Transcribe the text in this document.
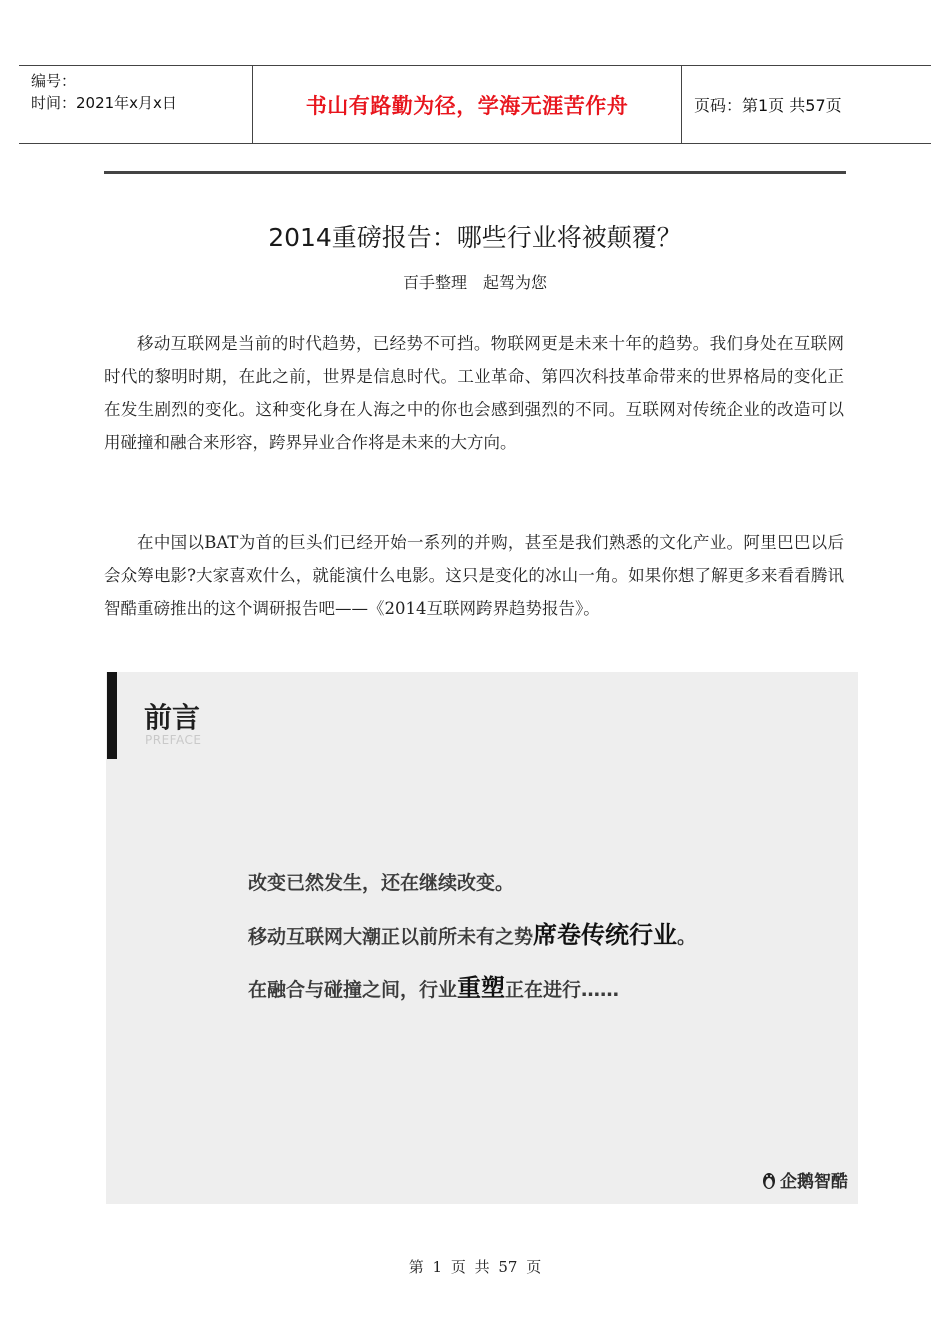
编号：
时间：2021年x月x日	书山有路勤为径，学海无涯苦作舟	页码：第1页 共57页
2014重磅报告：哪些行业将被颠覆？
百手整理　起驾为您

移动互联网是当前的时代趋势，已经势不可挡。物联网更是未来十年的趋势。我们身处在互联网时代的黎明时期，在此之前，世界是信息时代。工业革命、第四次科技革命带来的世界格局的变化正在发生剧烈的变化。这种变化身在人海之中的你也会感到强烈的不同。互联网对传统企业的改造可以用碰撞和融合来形容，跨界异业合作将是未来的大方向。

在中国以BAT为首的巨头们已经开始一系列的并购，甚至是我们熟悉的文化产业。阿里巴巴以后会众筹电影?大家喜欢什么，就能演什么电影。这只是变化的冰山一角。如果你想了解更多来看看腾讯智酷重磅推出的这个调研报告吧——《2014互联网跨界趋势报告》。

前言
PREFACE
改变已然发生，还在继续改变。
移动互联网大潮正以前所未有之势席卷传统行业。
在融合与碰撞之间，行业重塑正在进行……
企鹅智酷
第 1 页 共 57 页
